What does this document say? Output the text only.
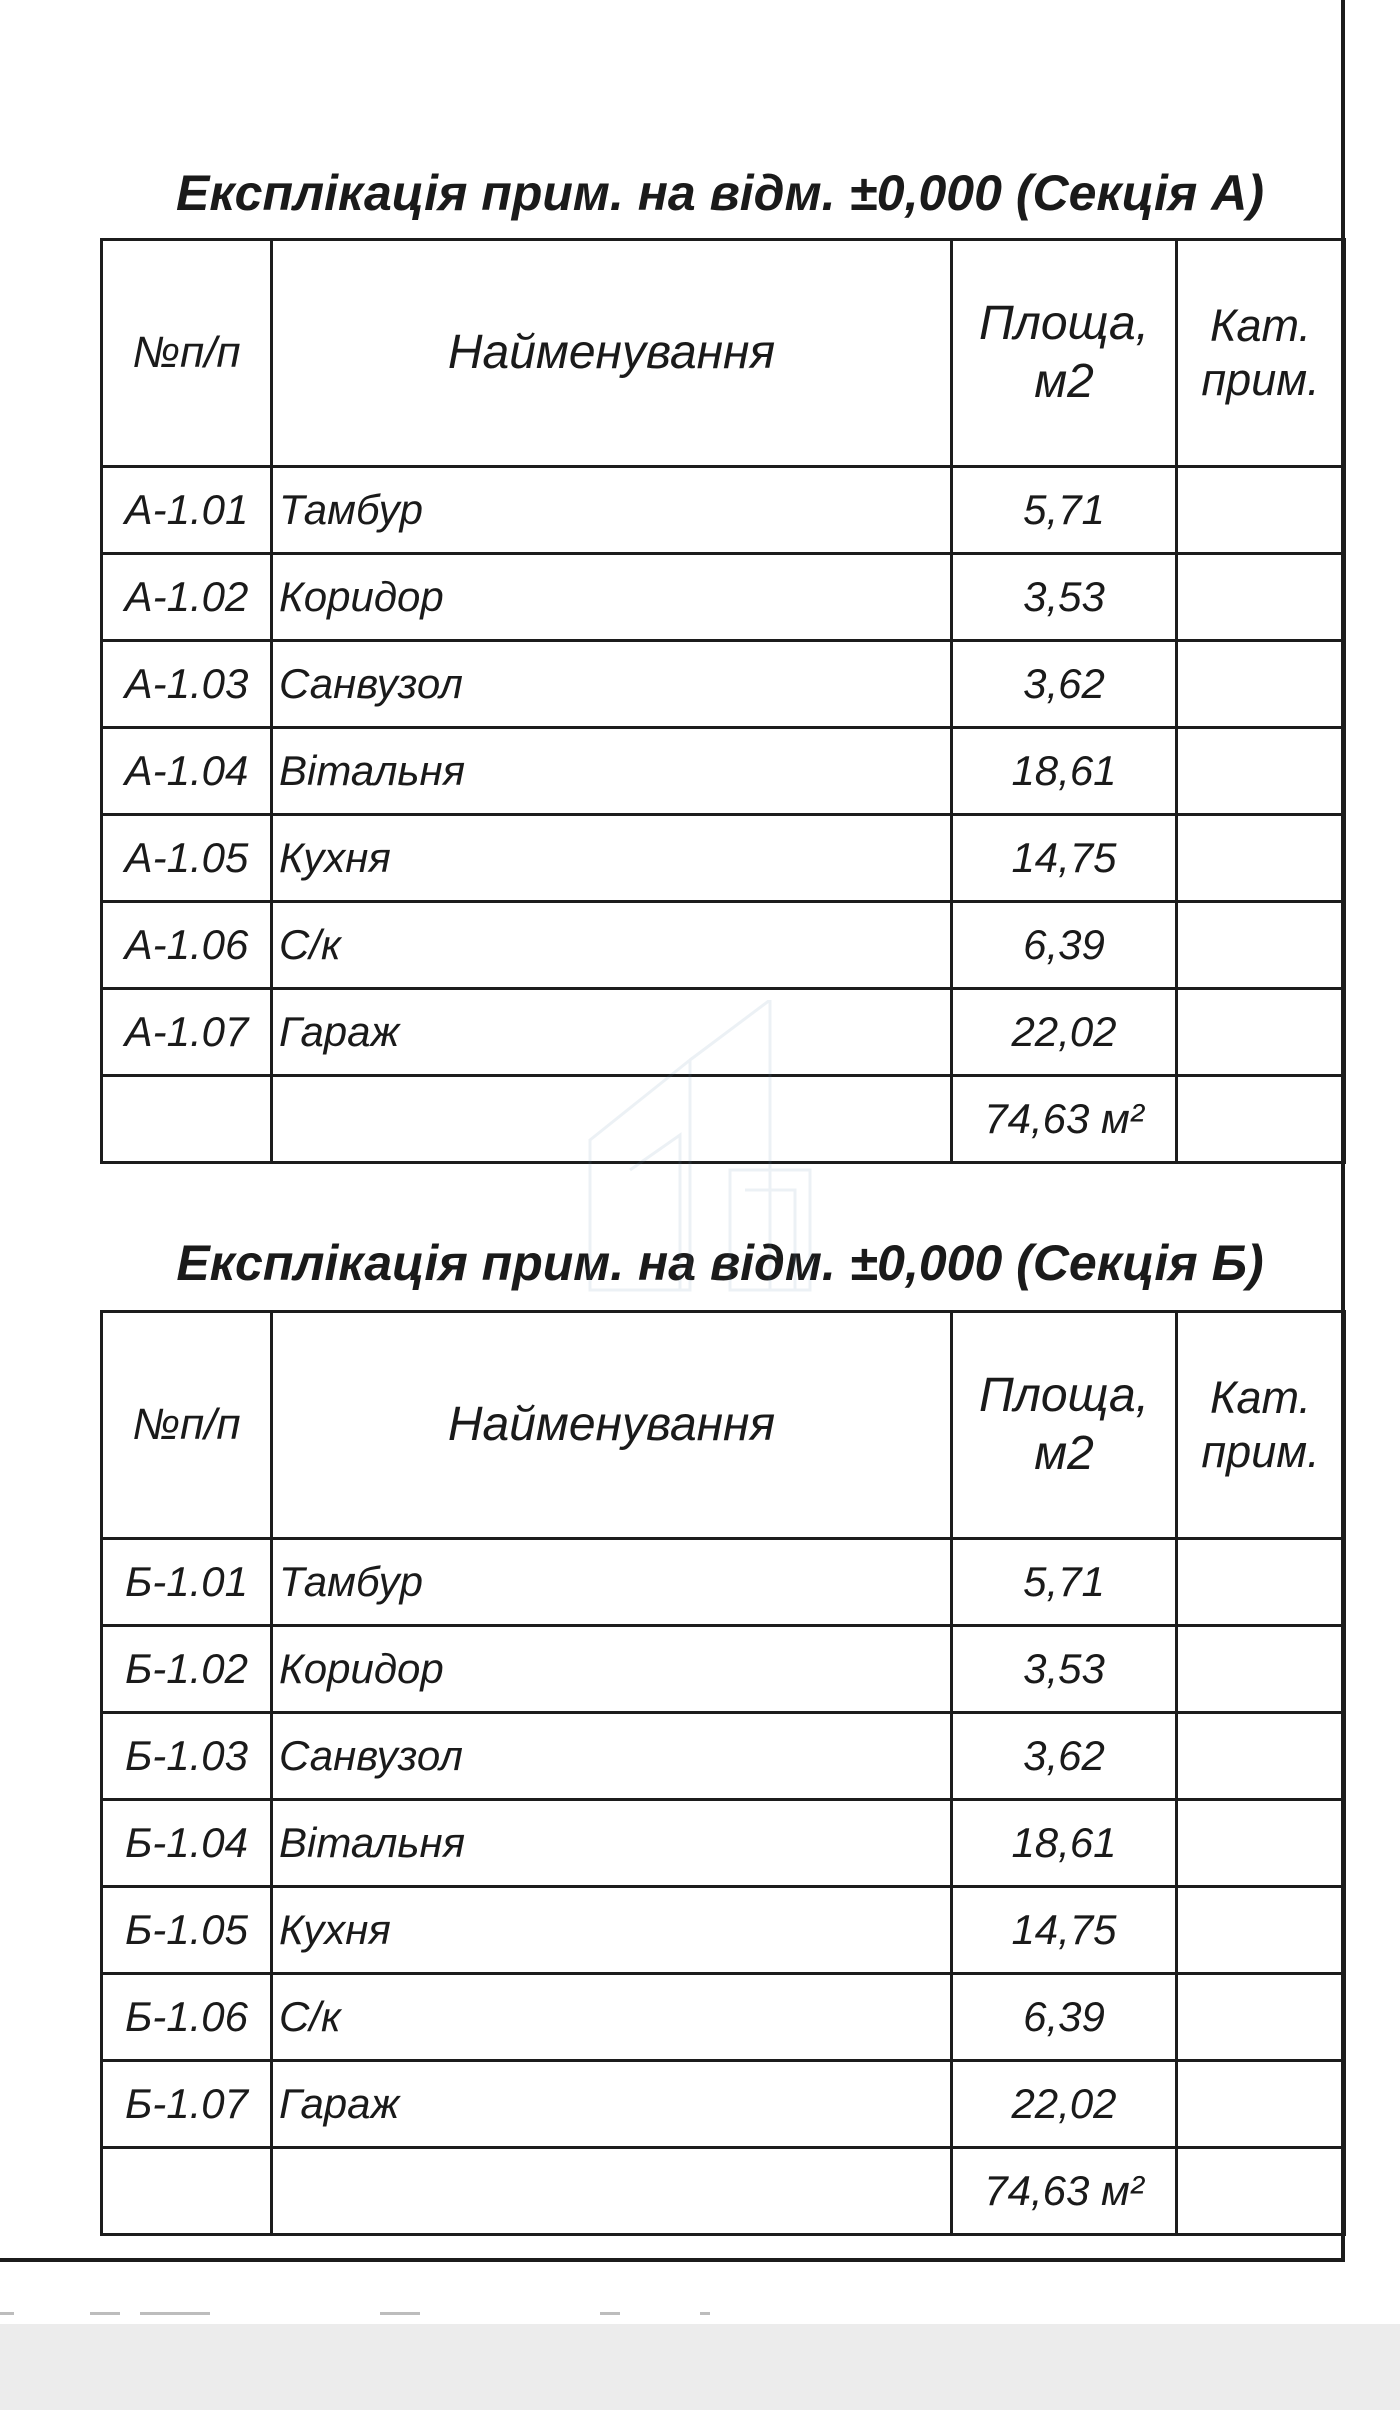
Експлікація прим. на відм. ±0,000 (Секція А)
№п/п	Найменування	Площа, м2	Кат. прим.
А-1.01	Тамбур	5,71	
А-1.02	Коридор	3,53	
А-1.03	Санвузол	3,62	
А-1.04	Вітальня	18,61	
А-1.05	Кухня	14,75	
А-1.06	С/к	6,39	
А-1.07	Гараж	22,02	
		74,63 м²	
Експлікація прим. на відм. ±0,000 (Секція Б)
№п/п	Найменування	Площа, м2	Кат. прим.
Б-1.01	Тамбур	5,71	
Б-1.02	Коридор	3,53	
Б-1.03	Санвузол	3,62	
Б-1.04	Вітальня	18,61	
Б-1.05	Кухня	14,75	
Б-1.06	С/к	6,39	
Б-1.07	Гараж	22,02	
		74,63 м²	
